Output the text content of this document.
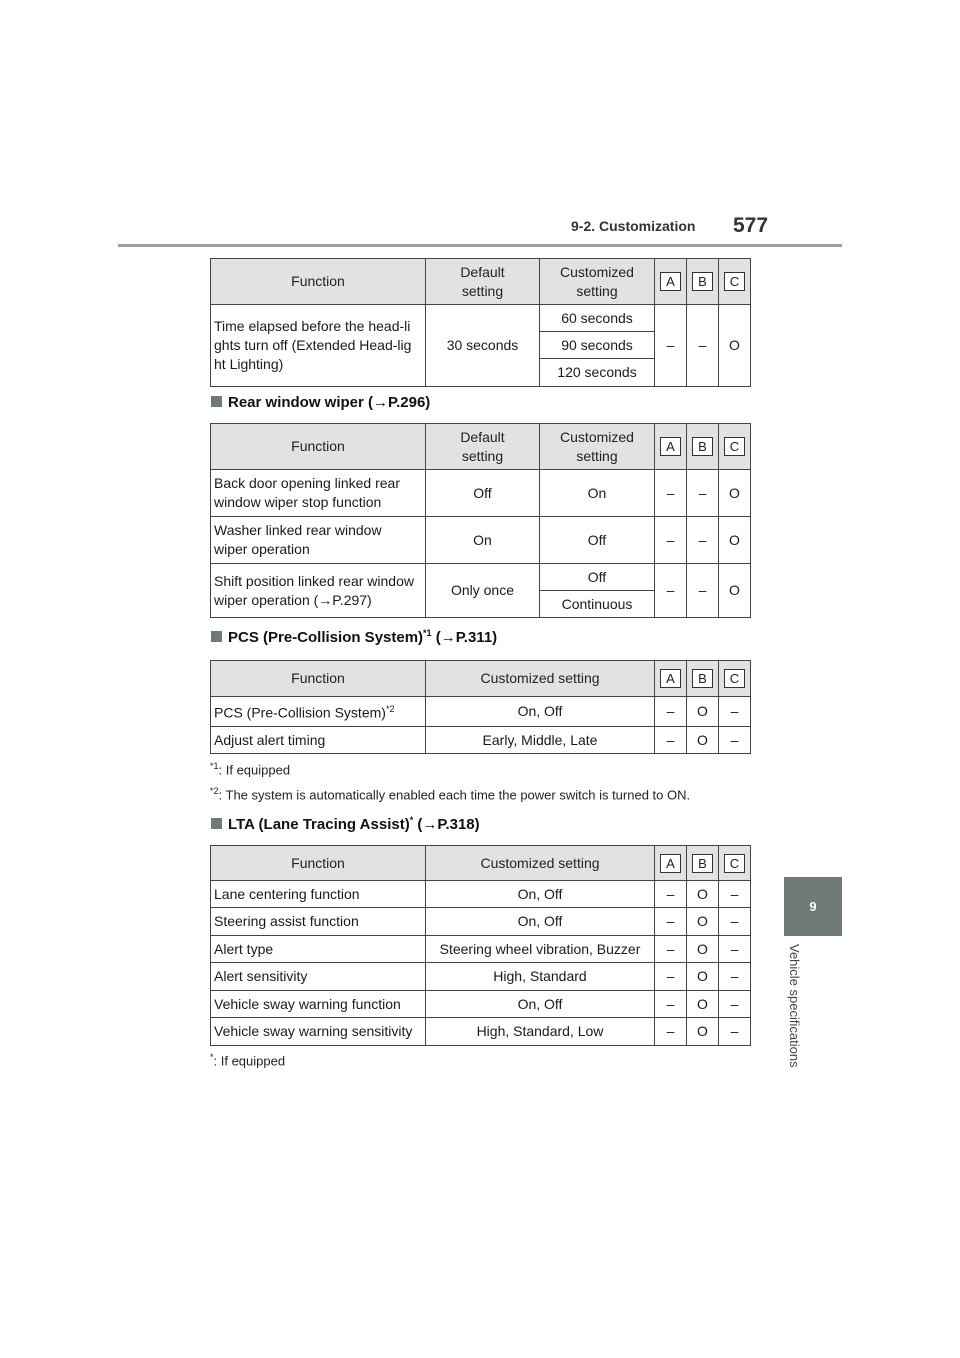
9-2. Customization 577
9
Vehicle specifications
Function	Default setting	Customized setting	A	B	C
Time elapsed before the head-lights turn off (Extended Head-light Lighting)	30 seconds	60 seconds	–	–	O
		90 seconds			
		120 seconds			
Rear window wiper (→P.296)
Function	Default setting	Customized setting	A	B	C
Back door opening linked rear window wiper stop function	Off	On	–	–	O
Washer linked rear window wiper operation	On	Off	–	–	O
Shift position linked rear window wiper operation (→P.297)	Only once	Off	–	–	O
		Continuous			
PCS (Pre-Collision System)$^{*1}$ (→P.311)
Function	Customized setting	A	B	C
PCS (Pre-Collision System)$^{*2}$	On, Off	–	O	–
Adjust alert timing	Early, Middle, Late	–	O	–
$^{*1}$: If equipped
$^{*2}$: The system is automatically enabled each time the power switch is turned to ON.
LTA (Lane Tracing Assist)* (→P.318)
Function	Customized setting	A	B	C
Lane centering function	On, Off	–	O	–
Steering assist function	On, Off	–	O	–
Alert type	Steering wheel vibration, Buzzer	–	O	–
Alert sensitivity	High, Standard	–	O	–
Vehicle sway warning function	On, Off	–	O	–
Vehicle sway warning sensitivity	High, Standard, Low	–	O	–
*: If equipped
